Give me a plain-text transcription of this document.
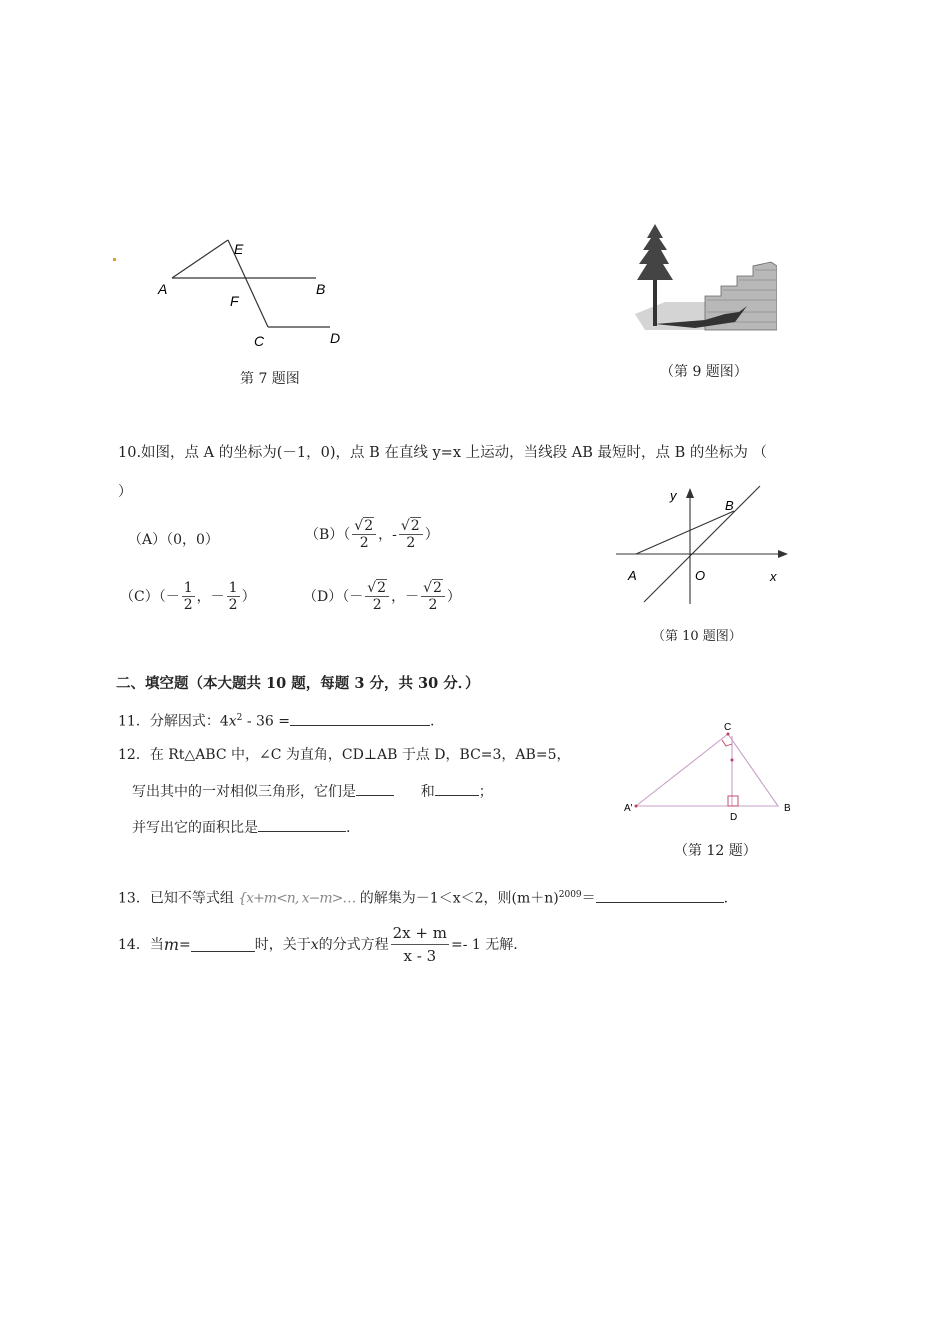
E
A	B
F
C	D
第 7 题图	（第 9 题图）
10.如图，点 A 的坐标为(－1，0)，点 B 在直线 y=x 上运动，当线段 AB 最短时，点 B 的坐标为 （
）
（A）（0，0）	$(B)( \frac{√2}{2}$ ，- $\frac{√2}{2}$ ）
$(C)(- \frac{1}{2}$ ，－ $\frac{1}{2}$ ）	$(D)(- \frac{√2}{2}$ ，－ $\frac{√2}{2}$ ）
y
B
A	O	x
（第 10 题图）
二、填空题（本大题共 10 题，每题 3 分，共 30 分．）
11．分解因式：$4x^2 - 36$ =	.
12．在 Rt△ABC 中，∠C 为直角，CD⊥AB 于点 D，BC=3，AB=5，
写出其中的一对相似三角形，它们是	和	；
并写出它的面积比是	.
C
A'
D
B
（第 12 题）
13．已知不等式组 {x+m<n, x−m>… 的解集为－1＜x＜2，则$(m+n)^{2009}=$	.
14．当 m =	时，关于 x 的分式方程 $\frac{2x + m}{x - 3} =- 1$ 无解.
